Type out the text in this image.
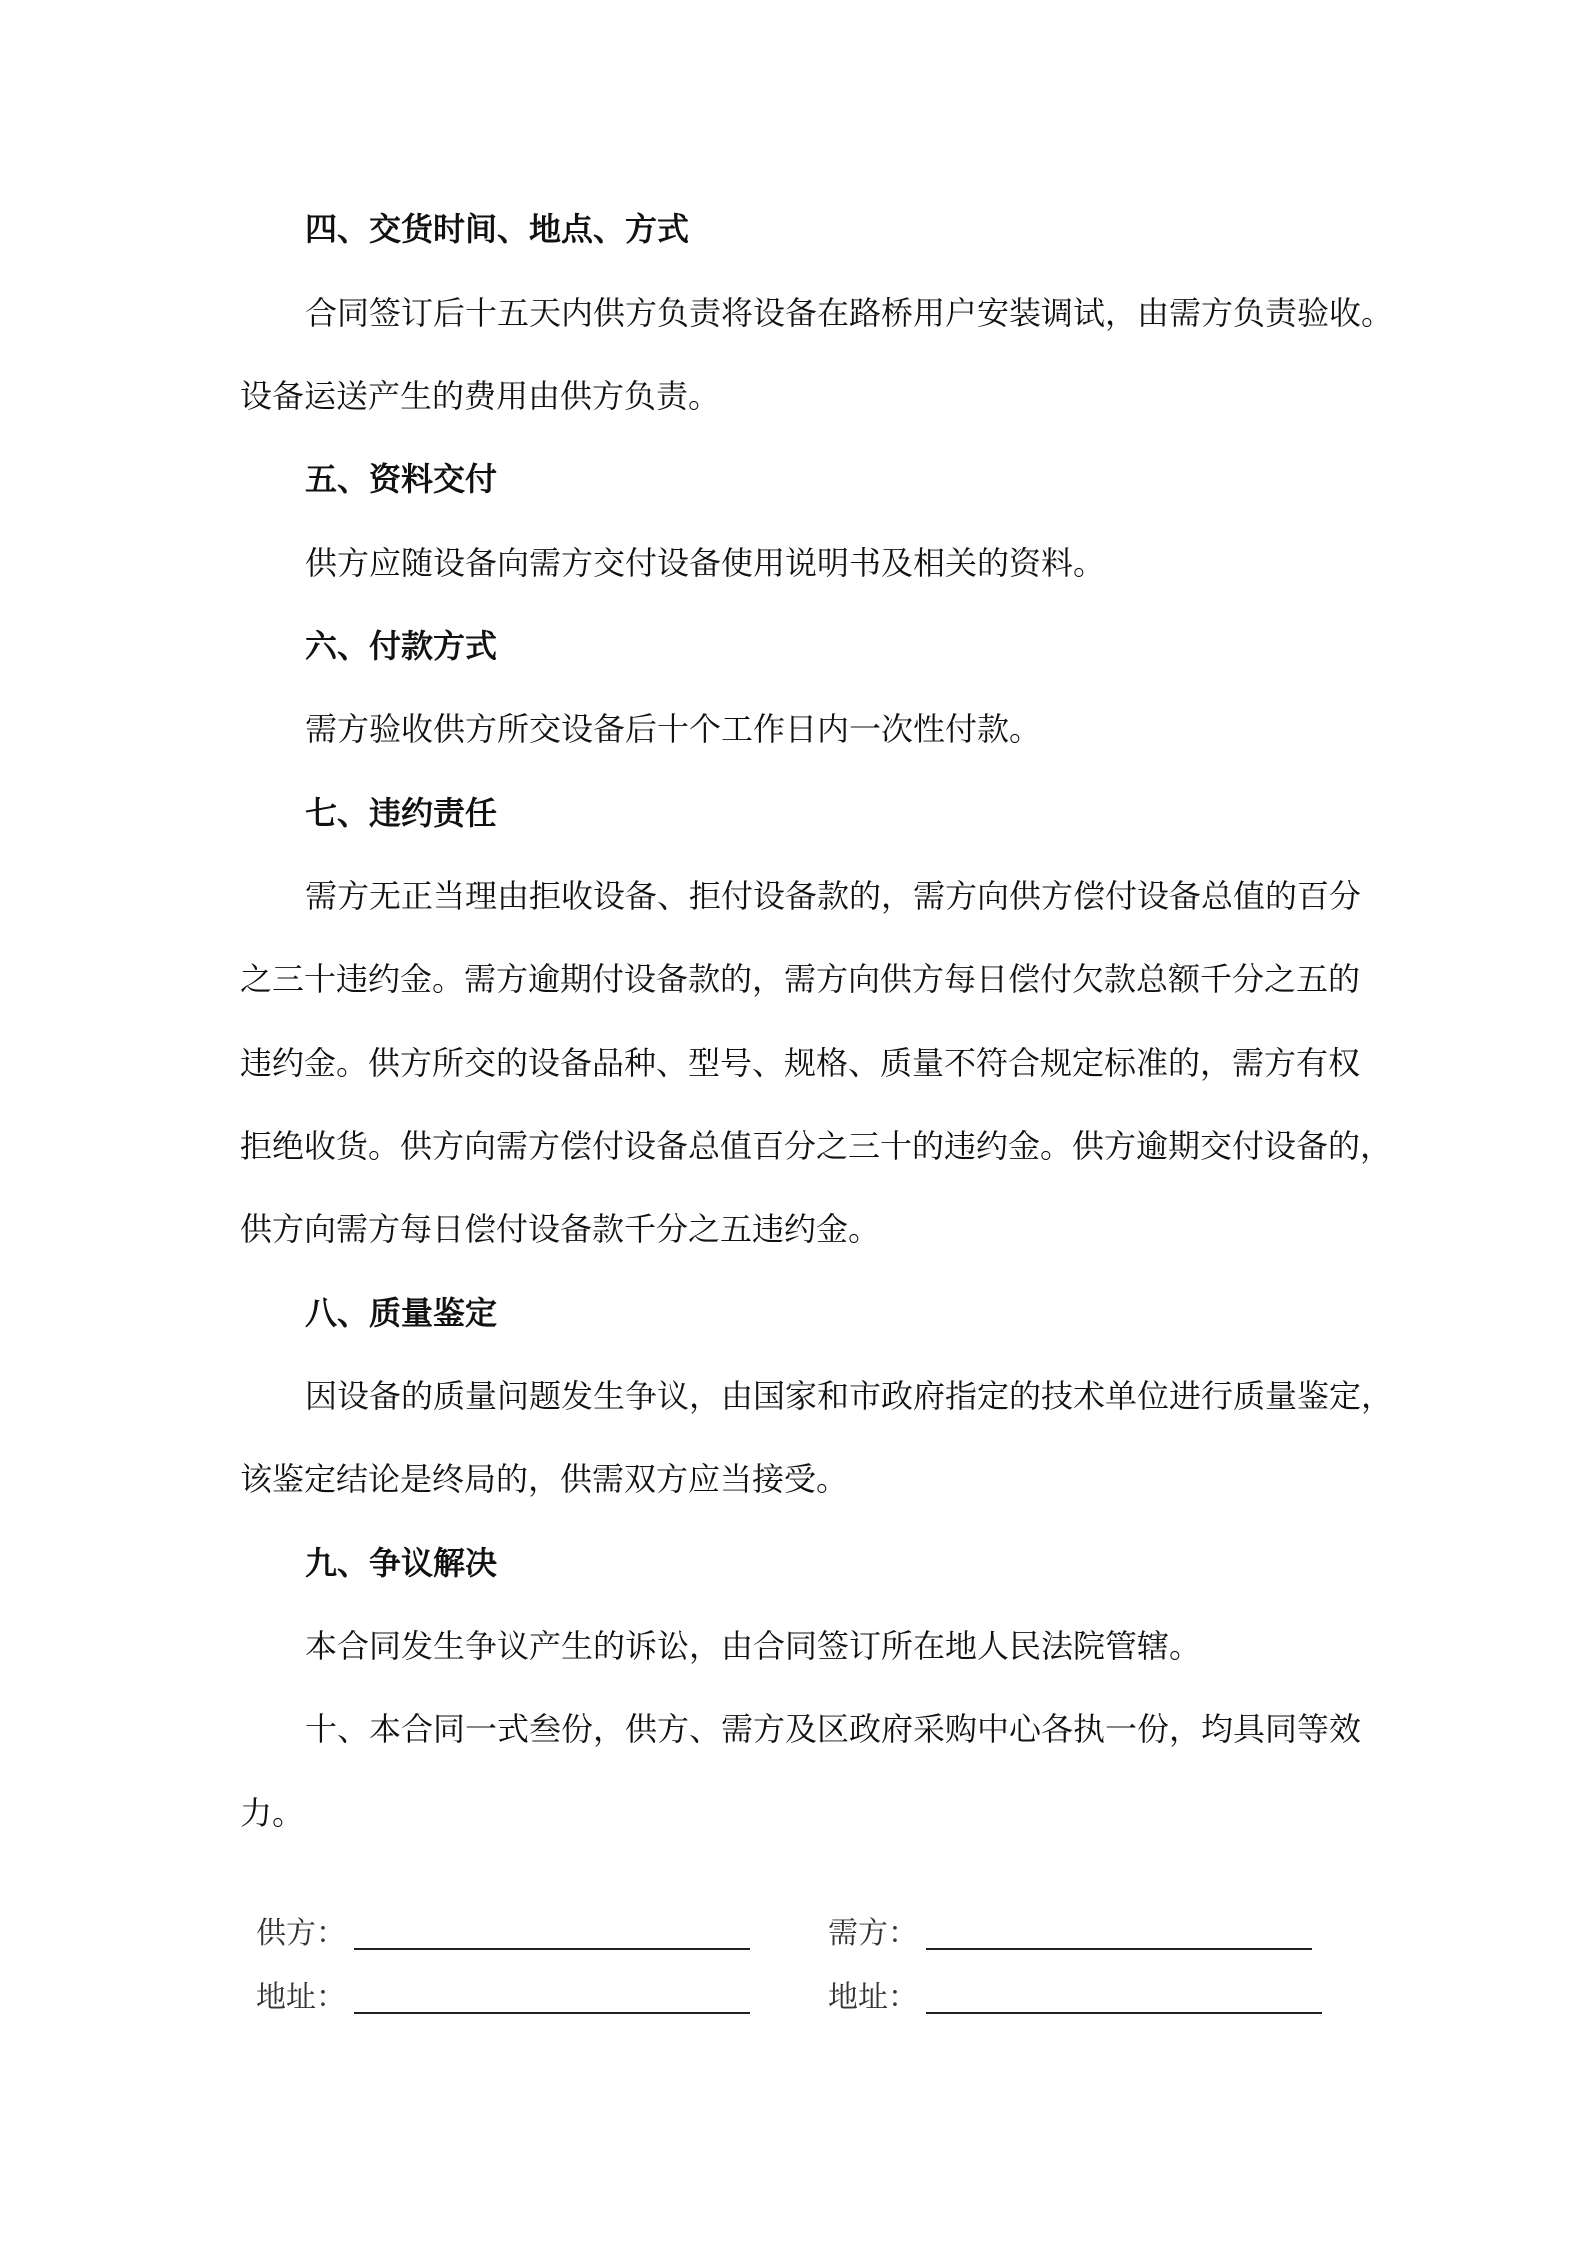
四、交货时间、地点、方式
合同签订后十五天内供方负责将设备在路桥用户安装调试，由需方负责验收。
设备运送产生的费用由供方负责。
五、资料交付
供方应随设备向需方交付设备使用说明书及相关的资料。
六、付款方式
需方验收供方所交设备后十个工作日内一次性付款。
七、违约责任
需方无正当理由拒收设备、拒付设备款的，需方向供方偿付设备总值的百分
之三十违约金。需方逾期付设备款的，需方向供方每日偿付欠款总额千分之五的
违约金。供方所交的设备品种、型号、规格、质量不符合规定标准的，需方有权
拒绝收货。供方向需方偿付设备总值百分之三十的违约金。供方逾期交付设备的，
供方向需方每日偿付设备款千分之五违约金。
八、质量鉴定
因设备的质量问题发生争议，由国家和市政府指定的技术单位进行质量鉴定，
该鉴定结论是终局的，供需双方应当接受。
九、争议解决
本合同发生争议产生的诉讼，由合同签订所在地人民法院管辖。
十、本合同一式叁份，供方、需方及区政府采购中心各执一份，均具同等效
力。
供方：	需方：
地址：	地址：
